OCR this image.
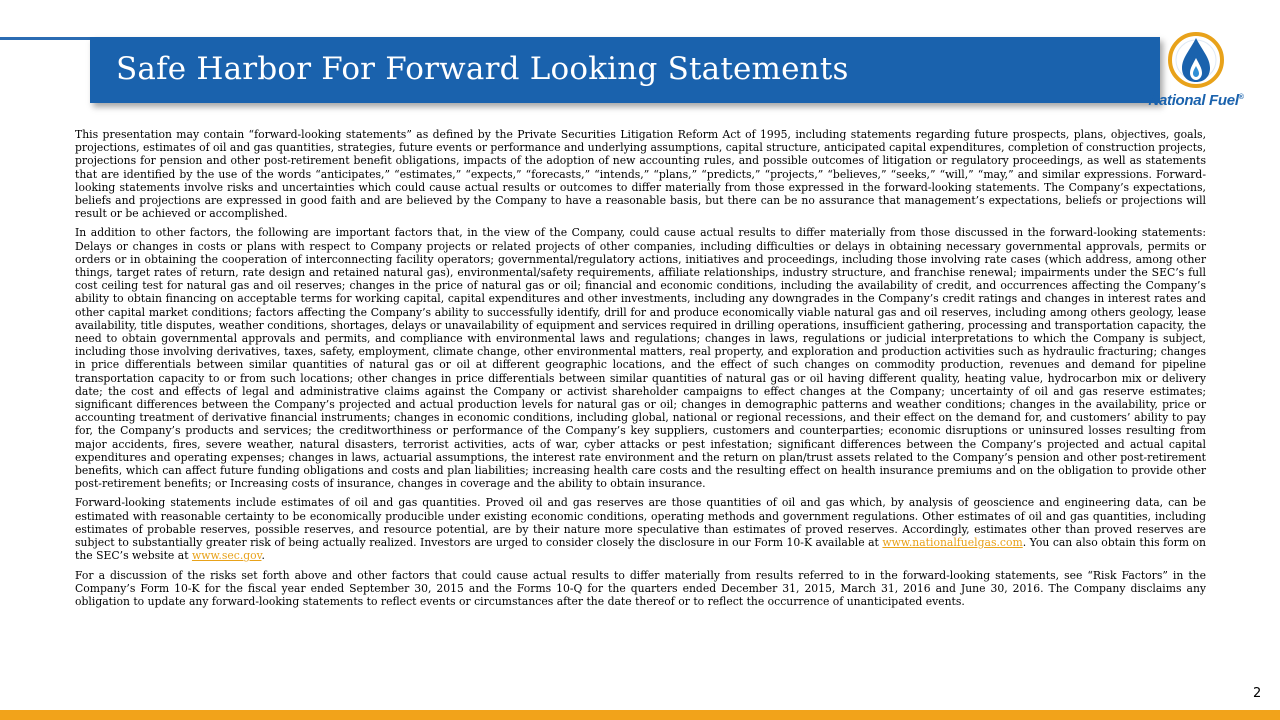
Safe Harbor For Forward Looking Statements
National Fuel®

This presentation may contain “forward-looking statements” as defined by the Private Securities Litigation Reform Act of 1995, including statements regarding future prospects, plans, objectives, goals, projections, estimates of oil and gas quantities, strategies, future events or performance and underlying assumptions, capital structure, anticipated capital expenditures, completion of construction projects, projections for pension and other post-retirement benefit obligations, impacts of the adoption of new accounting rules, and possible outcomes of litigation or regulatory proceedings, as well as statements that are identified by the use of the words “anticipates,” “estimates,” “expects,” “forecasts,” “intends,” “plans,” “predicts,” “projects,” “believes,” “seeks,” “will,” “may,” and similar expressions. Forward-looking statements involve risks and uncertainties which could cause actual results or outcomes to differ materially from those expressed in the forward-looking statements. The Company’s expectations, beliefs and projections are expressed in good faith and are believed by the Company to have a reasonable basis, but there can be no assurance that management’s expectations, beliefs or projections will result or be achieved or accomplished.

In addition to other factors, the following are important factors that, in the view of the Company, could cause actual results to differ materially from those discussed in the forward-looking statements: Delays or changes in costs or plans with respect to Company projects or related projects of other companies, including difficulties or delays in obtaining necessary governmental approvals, permits or orders or in obtaining the cooperation of interconnecting facility operators; governmental/regulatory actions, initiatives and proceedings, including those involving rate cases (which address, among other things, target rates of return, rate design and retained natural gas), environmental/safety requirements, affiliate relationships, industry structure, and franchise renewal; impairments under the SEC’s full cost ceiling test for natural gas and oil reserves; changes in the price of natural gas or oil; financial and economic conditions, including the availability of credit, and occurrences affecting the Company’s ability to obtain financing on acceptable terms for working capital, capital expenditures and other investments, including any downgrades in the Company’s credit ratings and changes in interest rates and other capital market conditions; factors affecting the Company’s ability to successfully identify, drill for and produce economically viable natural gas and oil reserves, including among others geology, lease availability, title disputes, weather conditions, shortages, delays or unavailability of equipment and services required in drilling operations, insufficient gathering, processing and transportation capacity, the need to obtain governmental approvals and permits, and compliance with environmental laws and regulations; changes in laws, regulations or judicial interpretations to which the Company is subject, including those involving derivatives, taxes, safety, employment, climate change, other environmental matters, real property, and exploration and production activities such as hydraulic fracturing; changes in price differentials between similar quantities of natural gas or oil at different geographic locations, and the effect of such changes on commodity production, revenues and demand for pipeline transportation capacity to or from such locations; other changes in price differentials between similar quantities of natural gas or oil having different quality, heating value, hydrocarbon mix or delivery date; the cost and effects of legal and administrative claims against the Company or activist shareholder campaigns to effect changes at the Company; uncertainty of oil and gas reserve estimates; significant differences between the Company’s projected and actual production levels for natural gas or oil; changes in demographic patterns and weather conditions; changes in the availability, price or accounting treatment of derivative financial instruments; changes in economic conditions, including global, national or regional recessions, and their effect on the demand for, and customers’ ability to pay for, the Company’s products and services; the creditworthiness or performance of the Company’s key suppliers, customers and counterparties; economic disruptions or uninsured losses resulting from major accidents, fires, severe weather, natural disasters, terrorist activities, acts of war, cyber attacks or pest infestation; significant differences between the Company’s projected and actual capital expenditures and operating expenses; changes in laws, actuarial assumptions, the interest rate environment and the return on plan/trust assets related to the Company’s pension and other post-retirement benefits, which can affect future funding obligations and costs and plan liabilities; increasing health care costs and the resulting effect on health insurance premiums and on the obligation to provide other post-retirement benefits; or Increasing costs of insurance, changes in coverage and the ability to obtain insurance.

Forward-looking statements include estimates of oil and gas quantities. Proved oil and gas reserves are those quantities of oil and gas which, by analysis of geoscience and engineering data, can be estimated with reasonable certainty to be economically producible under existing economic conditions, operating methods and government regulations. Other estimates of oil and gas quantities, including estimates of probable reserves, possible reserves, and resource potential, are by their nature more speculative than estimates of proved reserves. Accordingly, estimates other than proved reserves are subject to substantially greater risk of being actually realized. Investors are urged to consider closely the disclosure in our Form 10-K available at www.nationalfuelgas.com. You can also obtain this form on the SEC’s website at www.sec.gov.

For a discussion of the risks set forth above and other factors that could cause actual results to differ materially from results referred to in the forward-looking statements, see “Risk Factors” in the Company’s Form 10-K for the fiscal year ended September 30, 2015 and the Forms 10-Q for the quarters ended December 31, 2015, March 31, 2016 and June 30, 2016. The Company disclaims any obligation to update any forward-looking statements to reflect events or circumstances after the date thereof or to reflect the occurrence of unanticipated events.

2
